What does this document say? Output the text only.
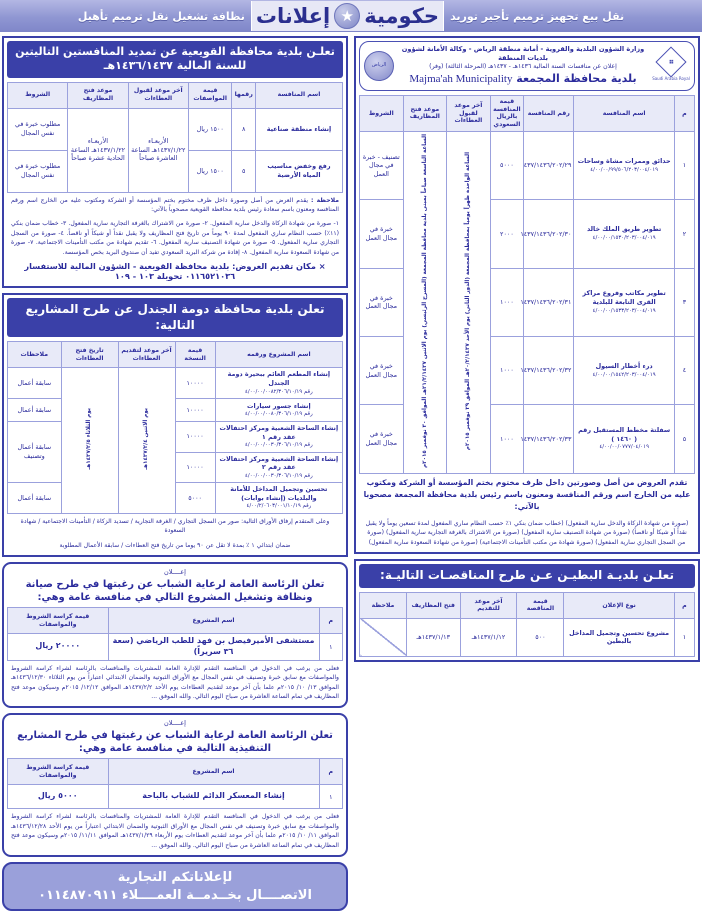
نقل بيع تجهيز ترميم تأجير توريد
حكومية
★
إعلانات
نظافة تشغيل نقل ترميم تأهيل
❖
Saudi Arabia Royal
وزارة الشؤون البلدية والقروية - أمانة منطقة الرياض - وكالة الأمانة لشؤون بلديات المنطقة
إعلان عن منافسات السنة المالية ١٤٣٦هـ - ١٤٣٧هـ (المرحلة الثالثة) (وفر)
بلدية محافظة المجمعة Majma'ah Municipality
الرياض
م	اسم المنافسة	رقم المنافسة	قيمة المنافسة بالريال السعودي	آخر موعد لقبول العطاءات	موعد فتح المظاريف	الشروط
١	حدائق وممرات مشاة وساحات
٤/٠٠/٠٠/٩٩/٥٠٦/٢٠٣/٠٠٤/٠١٩	٤٣٧/١٤٣٦/٢٠٢/٢٩	٥٠٠٠	الساعة الواحدة ظهراً يومياً بمحافظة المجمعة (الدور الثاني) يوم الأحد ٢٠/٢/١٤٣٧هـ الموافق ٢٩ نوفمبر ٢٠١٥م	الساعة التاسعة صباحاً بمبنى بلدية محافظة المجمعة (المسرح الرئيسي) يوم الاثنين ٢١/٢/١٤٣٧هـ الموافق ٣٠ نوفمبر ٢٠١٥م	تصنيف - خبرة في مجال العمل
٢	تطوير طريق الملك خالد
٤/٠٠/٠٠/١٥٣٠/٢٠٣/٠٠٤/٠١٩	١٤٣٧/١٤٣٦/٢٠٢/٣٠	٢٠٠٠			خبرة في مجال العمل
٣	تطوير مكاتب وفروع مراكز القرى التابعة للبلدية
٤/٠٠/٠٠/١٥٣٣/٢٠٣/٠٠٤/٠١٩	١٤٣٧/١٤٣٦/٢٠٢/٣١	١٠٠٠			خبرة في مجال العمل
٤	درء أخطار السيول
٤/٠٠/٠٠/١٥٤٢/٢٠٣/٠٠٤/٠١٩	١٤٣٧/١٤٣٦/٢٠٢/٣٢	١٠٠٠			خبرة في مجال العمل
٥	سفلتة مخطط المستقبل رقم ( ١٤٦٠ )
٤/٠٠/٠٠/٠٧٧٧/٠٤/٠١٩	١٤٣٧/١٤٣٦/٢٠٢/٣٣	١٠٠٠			خبرة في مجال العمل
تقدم العروض من أصل وصورتين داخل ظرف مختوم بختم المؤسسة أو الشركة ومكتوب عليه من الخارج اسم ورقم المنافسة ومعنون باسم رئيس بلدية محافظة المجمعة مصحوبا بالآتي:
(صورة من شهادة الزكاة والدخل سارية المفعول) (خطاب ضمان بنكي ١٪ حسب النظام ساري المفعول لمدة تسعين يوماً ولا يقبل نقداً أو شيكا أو ناقصاً) (صورة من شهادة التصنيف سارية المفعول) (صورة من الاشتراك بالغرفة التجارية سارية المفعول) (صورة من السجل التجاري سارية المفعول) (صورة شهادة من مكتب التأمينات الاجتماعية) (صورة من شهادة السعودة سارية المفعول)
تعلـن بلديـة البطيـن عـن طرح المناقصـات التاليـة:
م	نوع الإعلان	قيمة المناقصة	آخر موعد للتقديم	فتح المظاريف	ملاحظة
١	مشروع تحسين وتجميل المداخل بالبطين	٥٠٠	١٤٣٧/١/١٢هـ	١٤٣٧/١/١٣هـ	
تعلـن بلدية محافظة القويعية عن تمديد المنافستين التاليتين للسنة المالية ١٤٣٦/١٤٣٧هـ
اسم المنافسة	رقمها	قيمة المواصفات	آخر موعد لقبول العطاءات	موعد فتح المظاريف	الشروط
إنشاء منطقة صناعية	٨	١٥٠٠ ريال	الأربعـاء ١٤٣٧/١/٢٢هـ الساعة العاشرة صباحاً	الأربعـاء ١٤٣٧/١/٢٢هـ الساعة الحادية عشرة صباحاً	مطلوب خبرة في نفس المجال
رفع وخفض مناسيب المياه الأرضية	٥	١٥٠٠ ريال			مطلوب خبرة في نفس المجال
ملاحظة : يقدم العرض من أصل وصورة داخل ظرف مختوم بختم المؤسسة أو الشركة ومكتوب عليه من الخارج اسم ورقم المنافسة ومعنون باسم سعادة رئيس بلدية محافظة القويعية مصحوباً بالآتي:
١- صورة من شهادة الزكاة والدخل سارية المفعول. ٢- صورة من الاشتراك بالغرفة التجارية سارية المفعول. ٣- خطاب ضمان بنكي (١١٪) حسب النظام ساري المفعول لمدة ٩٠ يوماً من تاريخ فتح المظاريف ولا يقبل نقداً أو شيكاً أو ناقصاً. ٤- صورة من السجل التجاري سارية المفعول. ٥- صورة من شهادة التصنيف سارية المفعول. ٦- تقديم شهادة من مكتب التأمينات الاجتماعية. ٧- صورة من شهادة السعودة سارية المفعول. ٨- إفادة من شركة البريد السعودي تفيد أن صندوق البريد بخص المؤسسة.
× مكان تقديم العروض: بلدية محافظة القويعية - الشؤون المالية للاستفسار ٠١١٦٥٢١٠٣٦ تحويلة ١٠٣ - ١٠٩
تعلن بلدية محافظة دومة الجندل عن طرح المشاريع التالية:
اسم المشروع ورقمه	قيمة النسخة	آخر موعد لتقديم العطاءات	تاريخ فتح العطاءات	ملاحظات
إنشاء المطعم العائم ببحيرة دومة الجندل
رقم ٤/٠٠/٠٠/٠٠٨٢/٣٠٦/١٠/١٩	١٠٠٠٠	يوم الاثنين ١٤٣٧/٢/٤هـ	يوم الثلاثاء ١٤٣٧/٢/٥هـ	سابقة أعمال
إنشاء جسور سيارات
رقم ٤/٠٠/٠٠/٠٠٨٠/٣٠٦/١٠/١٩	١٠٠٠٠			سابقة أعمال
إنشاء الساحة الشعبية ومركز احتفالات عقد رقم ١
رقم ٤/٠٠/٠٠/٠٠٣٠/٣٠٦/١٠/١٩	١٠٠٠٠			سابقة أعمال وتصنيف
إنشاء الساحة الشعبية ومركز احتفالات عقد رقم ٢
رقم ٤/٠٠/٠٠/٠٠٣٠/٣٠٦/١٠/١٩	١٠٠٠٠			
تحسين وتجميل المداخل للأمانة والبلديات (إنشاء بوابات)
رقم ٤/٠٠/٢/٠٦٠٣/٠٠١/١٠/١٩	٥٠٠٠			سابقة أعمال
وعلى المتقدم إرفاق الأوراق التالية: صور من السجل التجاري / الغرفة التجارية / تسديد الزكاة / التأمينات الاجتماعية / شهادة السعودة
ضمان ابتدائي ١ ٪ بمدة لا تقل عن ٩٠ يوما من تاريخ فتح العطاءات / سابقة الأعمال المطلوبة
إعــــلان
تعلن الرئاسة العامة لرعاية الشباب عن رغبتها في طرح صيانة ونظافة وتشغيل المشروع التالي في منافسة عامة وهي:
م	اسم المشروع	قيمة كراسة الشروط والمواصفات
١	مستشفى الأميرفيصل بن فهد للطب الرياضي (سعة ٣٦ سريراً)	٢٠٠٠٠ ريال
فعلى من يرغب في الدخول في المنافسة التقدم للإدارة العامة للمشتريات والمنافسات بالرئاسة لشراء كراسة الشروط والمواصفات مع سابق خبرة وتصنيف في نفس المجال مع الأوراق الثبوتية والضمان الابتدائي اعتباراً من يوم الثلاثاء ١٤٣٦/١٢/٣٠هـ الموافق ١٣/ ١٠/ ٢٠١٥م علما بأن آخر موعد لتقديم العطاءات يوم الأحد ١٤٣٧/٢/٢هـ الموافق ١٢/١٢/ ٢٠١٥م وسيكون موعد فتح المظاريف في تمام الساعة العاشرة من صباح اليوم التالي. والله الموفق ...
إعــــلان
تعلن الرئاسة العامة لرعاية الشباب عن رغبتها في طرح المشاريع التنفيذية التالية في منافسة عامة وهي:
م	اسم المشروع	قيمة كراسة الشروط والمواصفات
١	إنشاء المعسكر الدائم للشباب بالباحة	٥٠٠٠ ريال
فعلى من يرغب في الدخول في المنافسة التقدم للإدارة العامة للمشتريات والمنافسات بالرئاسة لشراء كراسة الشروط والمواصفات مع سابق خبرة وتصنيف في نفس المجال مع الأوراق الثبوتية والضمان الابتدائي اعتباراً من يوم الأحد ١٤٣٦/١٢/٢٨هـ الموافق ١١/ ١٠/ ٢٠١٥م علما بأن آخر موعد لتقديم العطاءات يوم الأربعاء ١٤٣٧/١/٢٩هـ الموافق ١١/١١/ ٢٠١٥م وسيكون موعد فتح المظاريف في تمام الساعة العاشرة من صباح اليوم التالي. والله الموفق ...
لإعلاناتكم التجارية
الاتصــــال بخــدمــة العمــــلاء ٠١١٤٨٧٠٩١١
